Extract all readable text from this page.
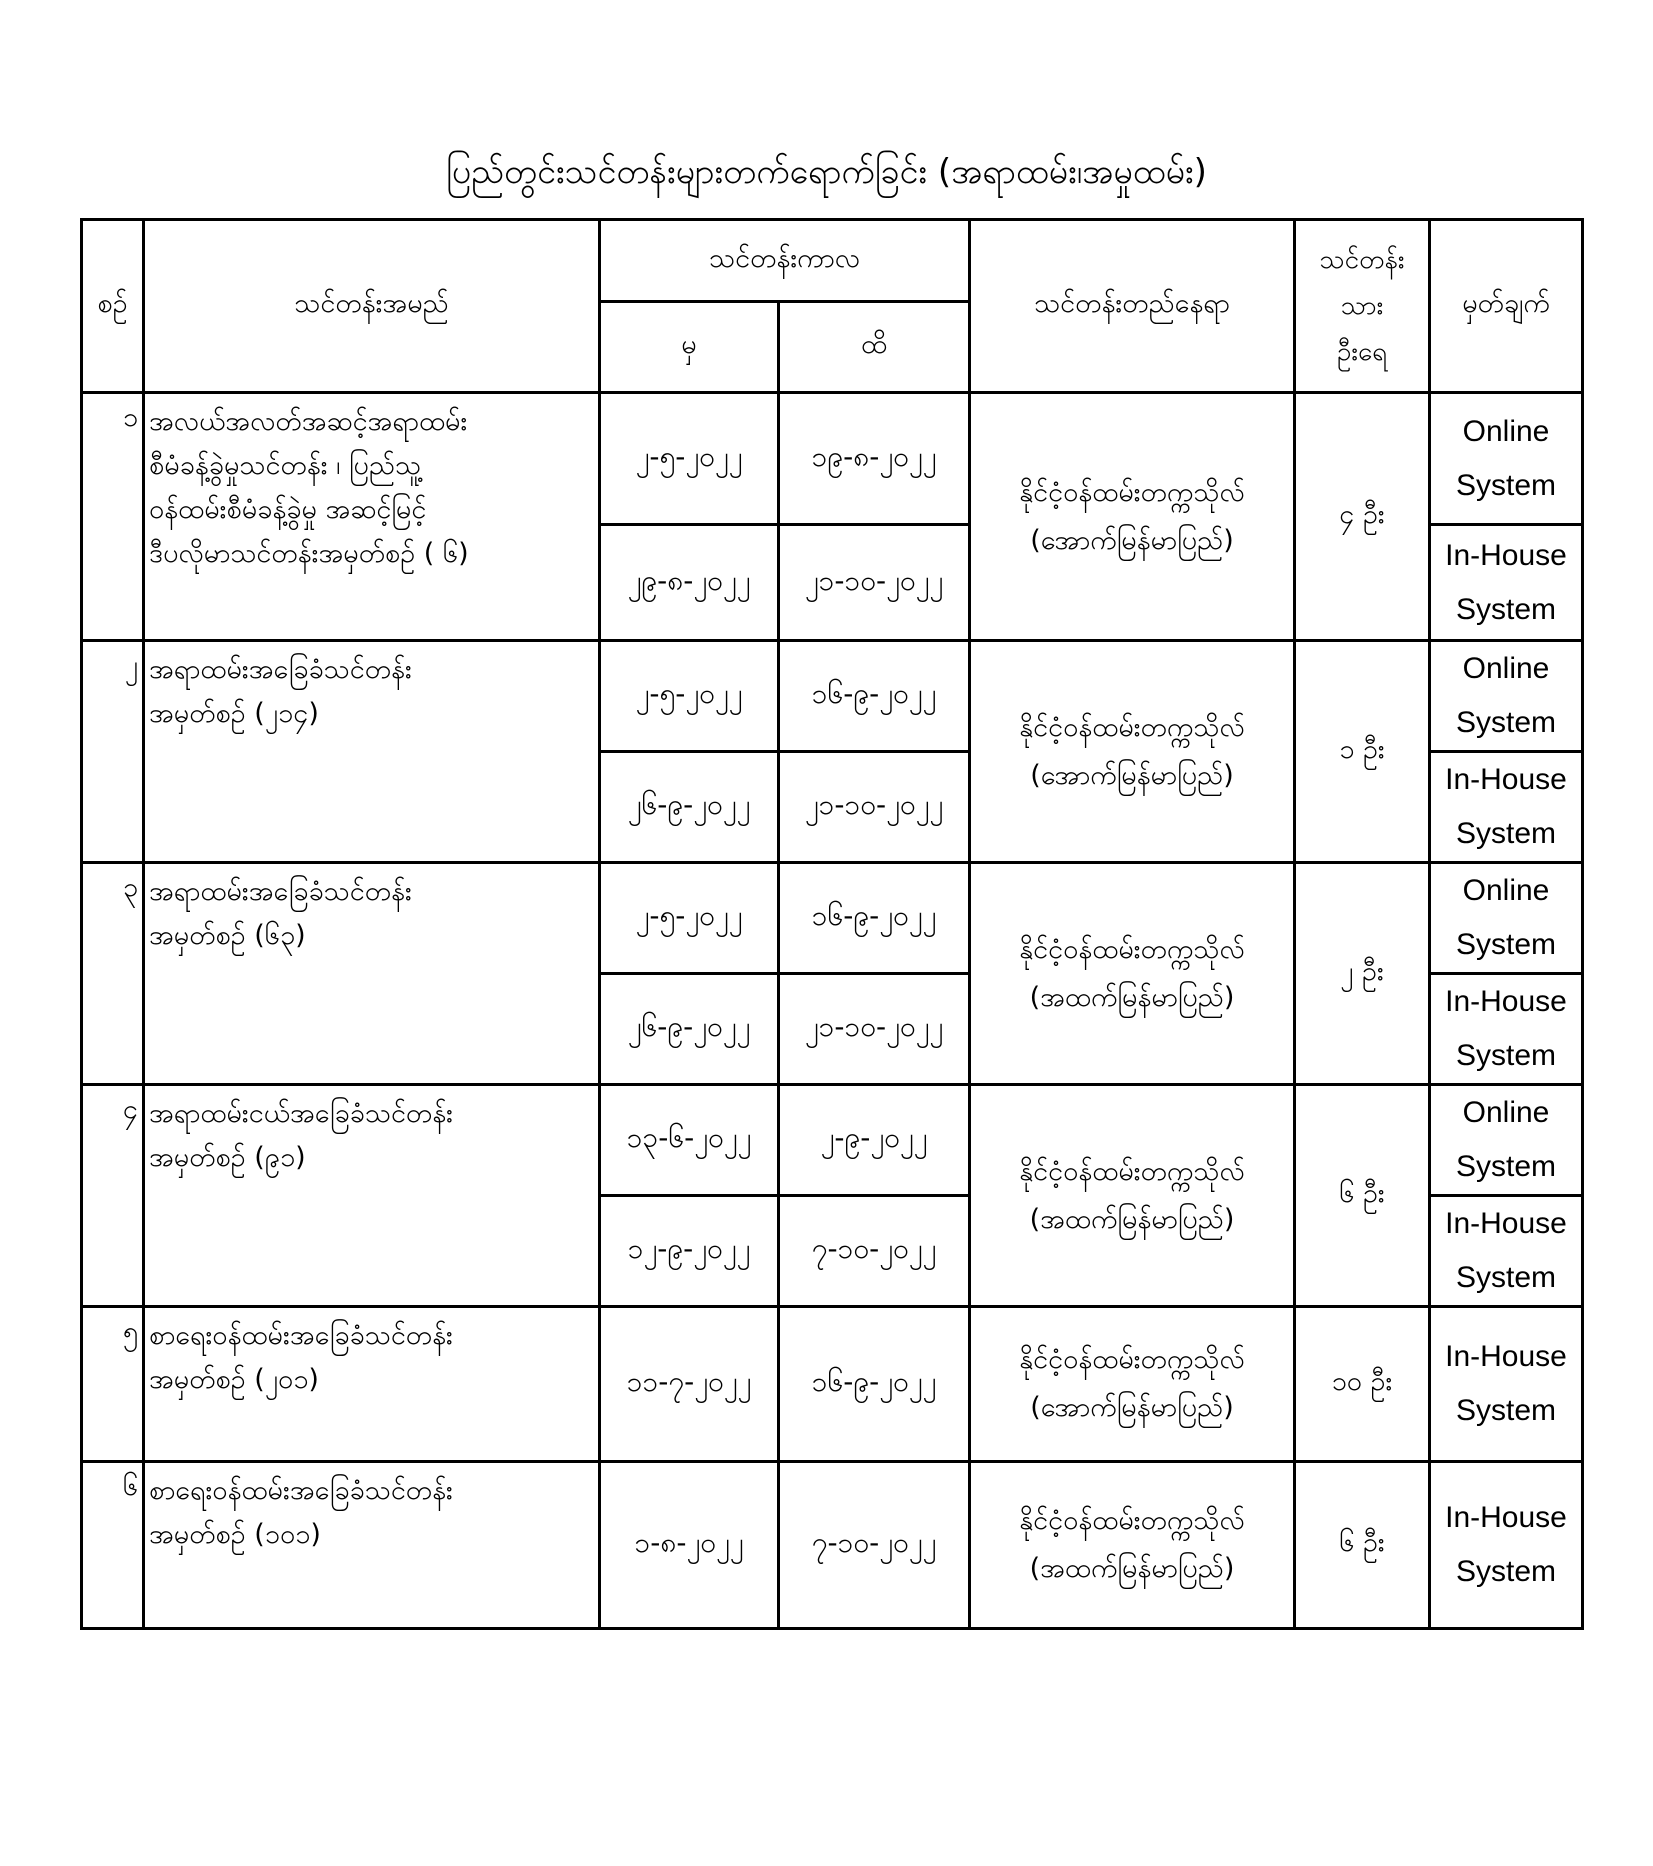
ပြည်တွင်းသင်တန်းများတက်ရောက်ခြင်း (အရာထမ်း၊အမှုထမ်း)
စဉ်	သင်တန်းအမည်	သင်တန်းကာလ		သင်တန်းတည်နေရာ	သင်တန်း
သား
ဦးရေ	မှတ်ချက်
		မှ	ထိ			
၁	အလယ်အလတ်အဆင့်အရာထမ်း
စီမံခန့်ခွဲမှုသင်တန်း ၊ ပြည်သူ့
ဝန်ထမ်းစီမံခန့်ခွဲမှု အဆင့်မြင့်
ဒီပလိုမာသင်တန်းအမှတ်စဉ် ( ၆)	၂-၅-၂၀၂၂	၁၉-၈-၂၀၂၂	နိုင်ငံ့ဝန်ထမ်းတက္ကသိုလ်
(အောက်မြန်မာပြည်)	၄ ဦး	Online
System
		၂၉-၈-၂၀၂၂	၂၁-၁၀-၂၀၂၂			In-House
System
၂	အရာထမ်းအခြေခံသင်တန်း
အမှတ်စဉ် (၂၁၄)	၂-၅-၂၀၂၂	၁၆-၉-၂၀၂၂	နိုင်ငံ့ဝန်ထမ်းတက္ကသိုလ်
(အောက်မြန်မာပြည်)	၁ ဦး	Online
System
		၂၆-၉-၂၀၂၂	၂၁-၁၀-၂၀၂၂			In-House
System
၃	အရာထမ်းအခြေခံသင်တန်း
အမှတ်စဉ် (၆၃)	၂-၅-၂၀၂၂	၁၆-၉-၂၀၂၂	နိုင်ငံ့ဝန်ထမ်းတက္ကသိုလ်
(အထက်မြန်မာပြည်)	၂ ဦး	Online
System
		၂၆-၉-၂၀၂၂	၂၁-၁၀-၂၀၂၂			In-House
System
၄	အရာထမ်းငယ်အခြေခံသင်တန်း
အမှတ်စဉ် (၉၁)	၁၃-၆-၂၀၂၂	၂-၉-၂၀၂၂	နိုင်ငံ့ဝန်ထမ်းတက္ကသိုလ်
(အထက်မြန်မာပြည်)	၆ ဦး	Online
System
		၁၂-၉-၂၀၂၂	၇-၁၀-၂၀၂၂			In-House
System
၅	စာရေးဝန်ထမ်းအခြေခံသင်တန်း
အမှတ်စဉ် (၂၀၁)	၁၁-၇-၂၀၂၂	၁၆-၉-၂၀၂၂	နိုင်ငံ့ဝန်ထမ်းတက္ကသိုလ်
(အောက်မြန်မာပြည်)	၁၀ ဦး	In-House
System
၆	စာရေးဝန်ထမ်းအခြေခံသင်တန်း
အမှတ်စဉ် (၁၀၁)	၁-၈-၂၀၂၂	၇-၁၀-၂၀၂၂	နိုင်ငံ့ဝန်ထမ်းတက္ကသိုလ်
(အထက်မြန်မာပြည်)	၆ ဦး	In-House
System
